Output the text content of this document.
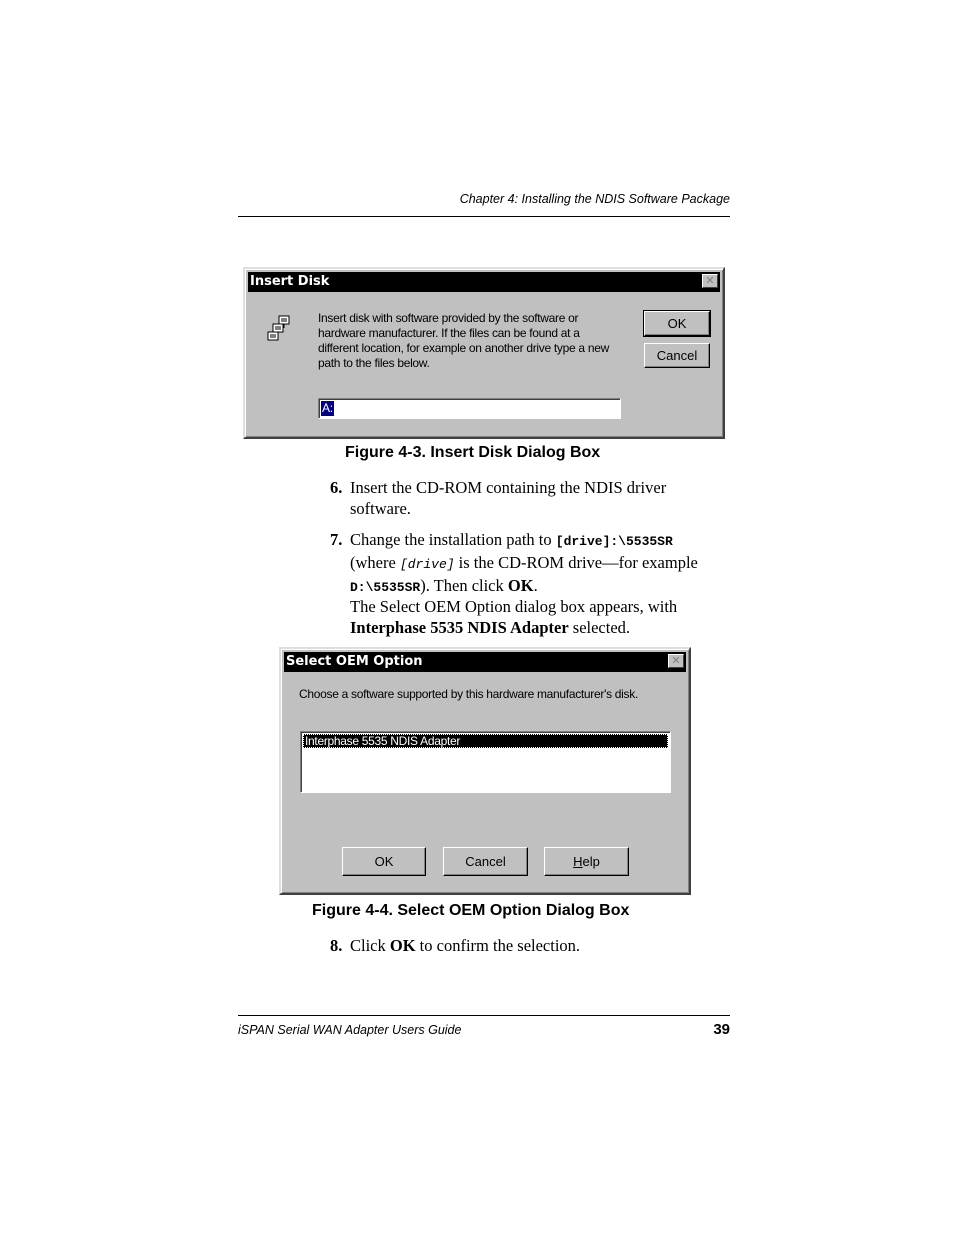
Chapter 4: Installing the NDIS Software Package
Insert Disk	✕
Insert disk with software provided by the software or hardware manufacturer. If the files can be found at a different location, for example on another drive type a new path to the files below.
OK
Cancel
A:
Figure 4-3. Insert Disk Dialog Box
6. Insert the CD-ROM containing the NDIS driver software.
7. Change the installation path to [drive]:\5535SR
(where [drive] is the CD-ROM drive—for example
D:\5535SR). Then click OK.
The Select OEM Option dialog box appears, with
Interphase 5535 NDIS Adapter selected.
Select OEM Option	✕
Choose a software supported by this hardware manufacturer's disk.
Interphase 5535 NDIS Adapter
OK	Cancel	Help
Figure 4-4. Select OEM Option Dialog Box
8. Click OK to confirm the selection.
iSPAN Serial WAN Adapter Users Guide	39
